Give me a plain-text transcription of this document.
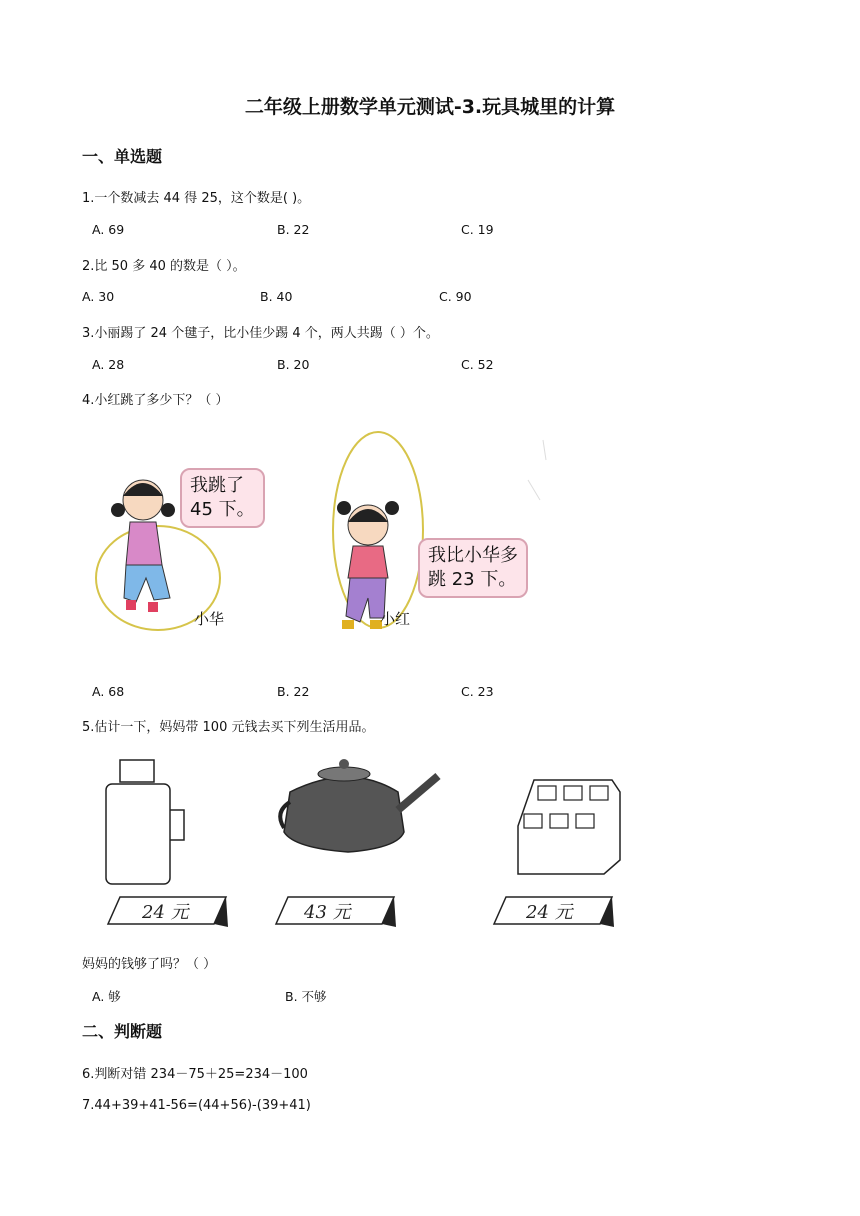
二年级上册数学单元测试-3.玩具城里的计算
一、单选题
1.一个数减去 44 得 25，这个数是( )。
A. 69	B. 22	C. 19
2.比 50 多 40 的数是（ ）。
A. 30	B. 40	C. 90
3.小丽踢了 24 个毽子，比小佳少踢 4 个，两人共踢（ ）个。
A. 28	B. 20	C. 52
4.小红跳了多少下？（ ）
我跳了
45 下。
我比小华多
跳 23 下。
小华	小红
A. 68	B. 22	C. 23
5.估计一下，妈妈带 100 元钱去买下列生活用品。
24 元	43 元	24 元
妈妈的钱够了吗？（ ）
A. 够	B. 不够
二、判断题
6.判断对错 234－75＋25=234－100
7.44+39+41-56=(44+56)-(39+41)
